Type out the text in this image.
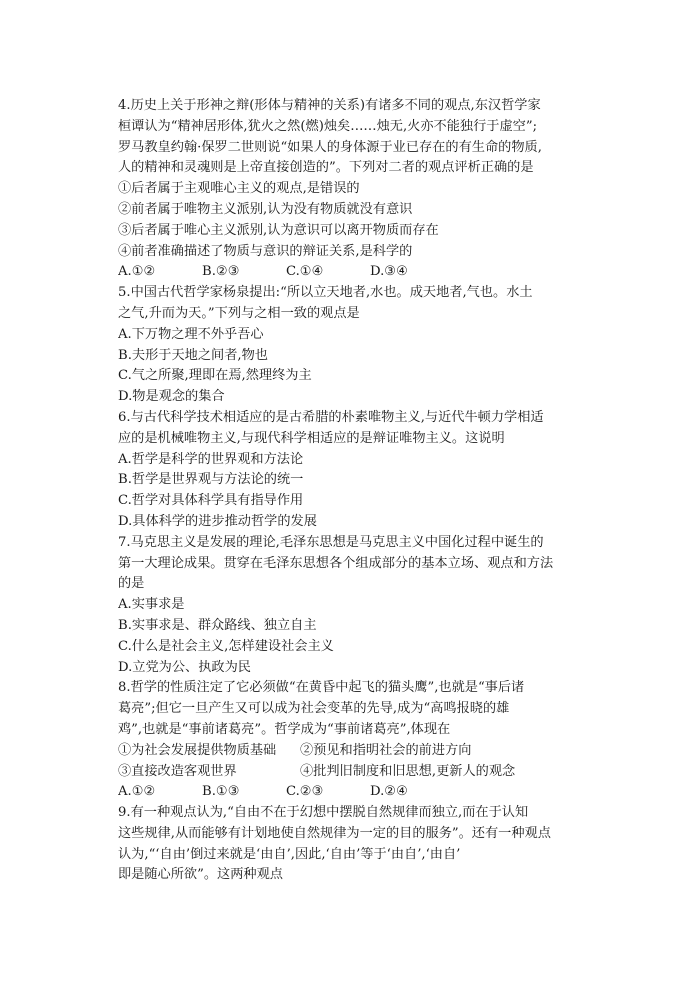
4.历史上关于形神之辩(形体与精神的关系)有诸多不同的观点,东汉哲学家
桓谭认为“精神居形体,犹火之然(燃)烛矣……烛无,火亦不能独行于虚空”;
罗马教皇约翰·保罗二世则说“如果人的身体源于业已存在的有生命的物质,
人的精神和灵魂则是上帝直接创造的”。下列对二者的观点评析正确的是
①后者属于主观唯心主义的观点,是错误的
②前者属于唯物主义派别,认为没有物质就没有意识
③后者属于唯心主义派别,认为意识可以离开物质而存在
④前者准确描述了物质与意识的辩证关系,是科学的
A.①②	B.②③	C.①④	D.③④
5.中国古代哲学家杨泉提出:“所以立天地者,水也。成天地者,气也。水土
之气,升而为天。”下列与之相一致的观点是
A.下万物之理不外乎吾心
B.夫形于天地之间者,物也
C.气之所聚,理即在焉,然理终为主
D.物是观念的集合
6.与古代科学技术相适应的是古希腊的朴素唯物主义,与近代牛顿力学相适
应的是机械唯物主义,与现代科学相适应的是辩证唯物主义。这说明
A.哲学是科学的世界观和方法论
B.哲学是世界观与方法论的统一
C.哲学对具体科学具有指导作用
D.具体科学的进步推动哲学的发展
7.马克思主义是发展的理论,毛泽东思想是马克思主义中国化过程中诞生的
第一大理论成果。贯穿在毛泽东思想各个组成部分的基本立场、观点和方法
的是
A.实事求是
B.实事求是、群众路线、独立自主
C.什么是社会主义,怎样建设社会主义
D.立党为公、执政为民
8.哲学的性质注定了它必须做“在黄昏中起飞的猫头鹰”,也就是“事后诸
葛亮”;但它一旦产生又可以成为社会变革的先导,成为“高鸣报晓的雄
鸡”,也就是“事前诸葛亮”。哲学成为“事前诸葛亮”,体现在
①为社会发展提供物质基础	②预见和指明社会的前进方向
③直接改造客观世界	④批判旧制度和旧思想,更新人的观念
A.①②	B.①③	C.②③	D.②④
9.有一种观点认为,“自由不在于幻想中摆脱自然规律而独立,而在于认知
这些规律,从而能够有计划地使自然规律为一定的目的服务”。还有一种观点
认为,“‘自由’倒过来就是‘由自’,因此,‘自由’等于‘由自’,‘由自’
即是随心所欲”。这两种观点
